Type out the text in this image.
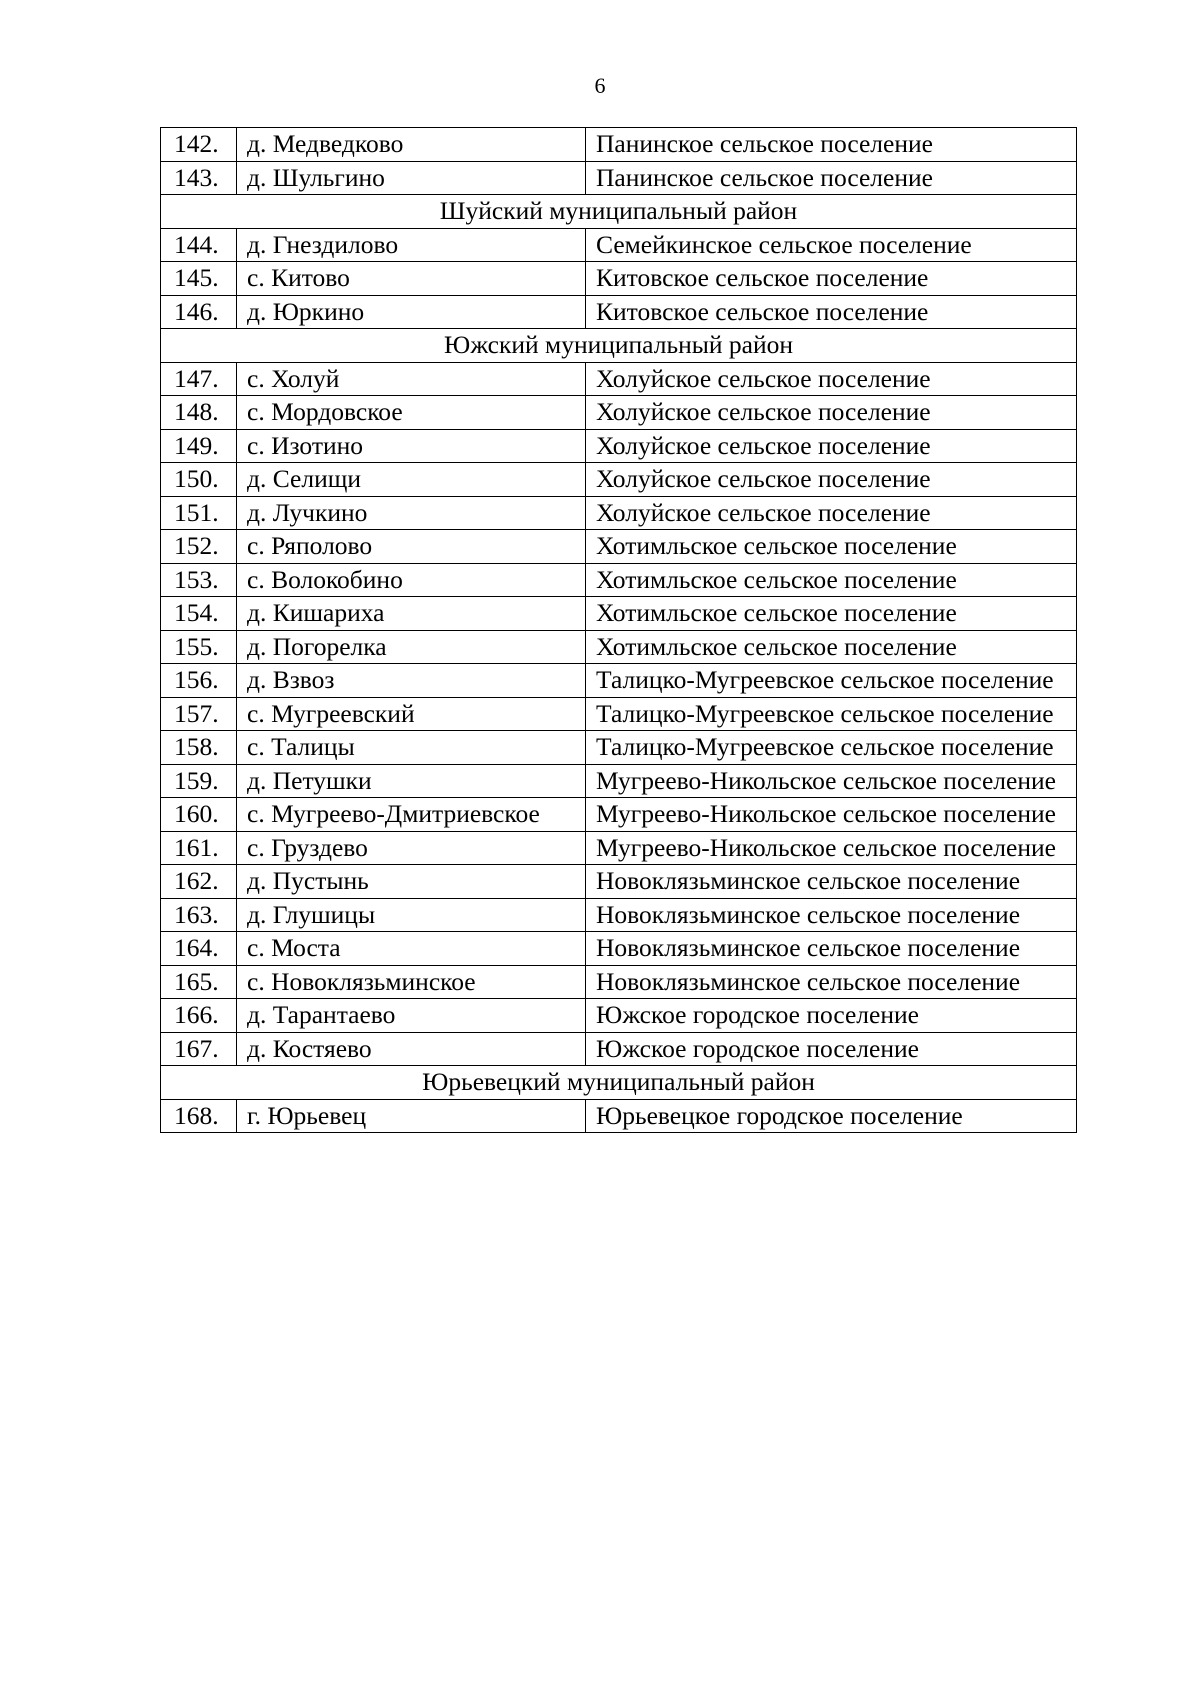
6
142.	д. Медведково	Панинское сельское поселение
143.	д. Шульгино	Панинское сельское поселение
Шуйский муниципальный район		
144.	д. Гнездилово	Семейкинское сельское поселение
145.	с. Китово	Китовское сельское поселение
146.	д. Юркино	Китовское сельское поселение
Южский муниципальный район		
147.	с. Холуй	Холуйское сельское поселение
148.	с. Мордовское	Холуйское сельское поселение
149.	с. Изотино	Холуйское сельское поселение
150.	д. Селищи	Холуйское сельское поселение
151.	д. Лучкино	Холуйское сельское поселение
152.	с. Ряполово	Хотимльское сельское поселение
153.	с. Волокобино	Хотимльское сельское поселение
154.	д. Кишариха	Хотимльское сельское поселение
155.	д. Погорелка	Хотимльское сельское поселение
156.	д. Взвоз	Талицко-Мугреевское сельское поселение
157.	с. Мугреевский	Талицко-Мугреевское сельское поселение
158.	с. Талицы	Талицко-Мугреевское сельское поселение
159.	д. Петушки	Мугреево-Никольское сельское поселение
160.	с. Мугреево-Дмитриевское	Мугреево-Никольское сельское поселение
161.	с. Груздево	Мугреево-Никольское сельское поселение
162.	д. Пустынь	Новоклязьминское сельское поселение
163.	д. Глушицы	Новоклязьминское сельское поселение
164.	с. Моста	Новоклязьминское сельское поселение
165.	с. Новоклязьминское	Новоклязьминское сельское поселение
166.	д. Тарантаево	Южское городское поселение
167.	д. Костяево	Южское городское поселение
Юрьевецкий муниципальный район		
168.	г. Юрьевец	Юрьевецкое городское поселение
